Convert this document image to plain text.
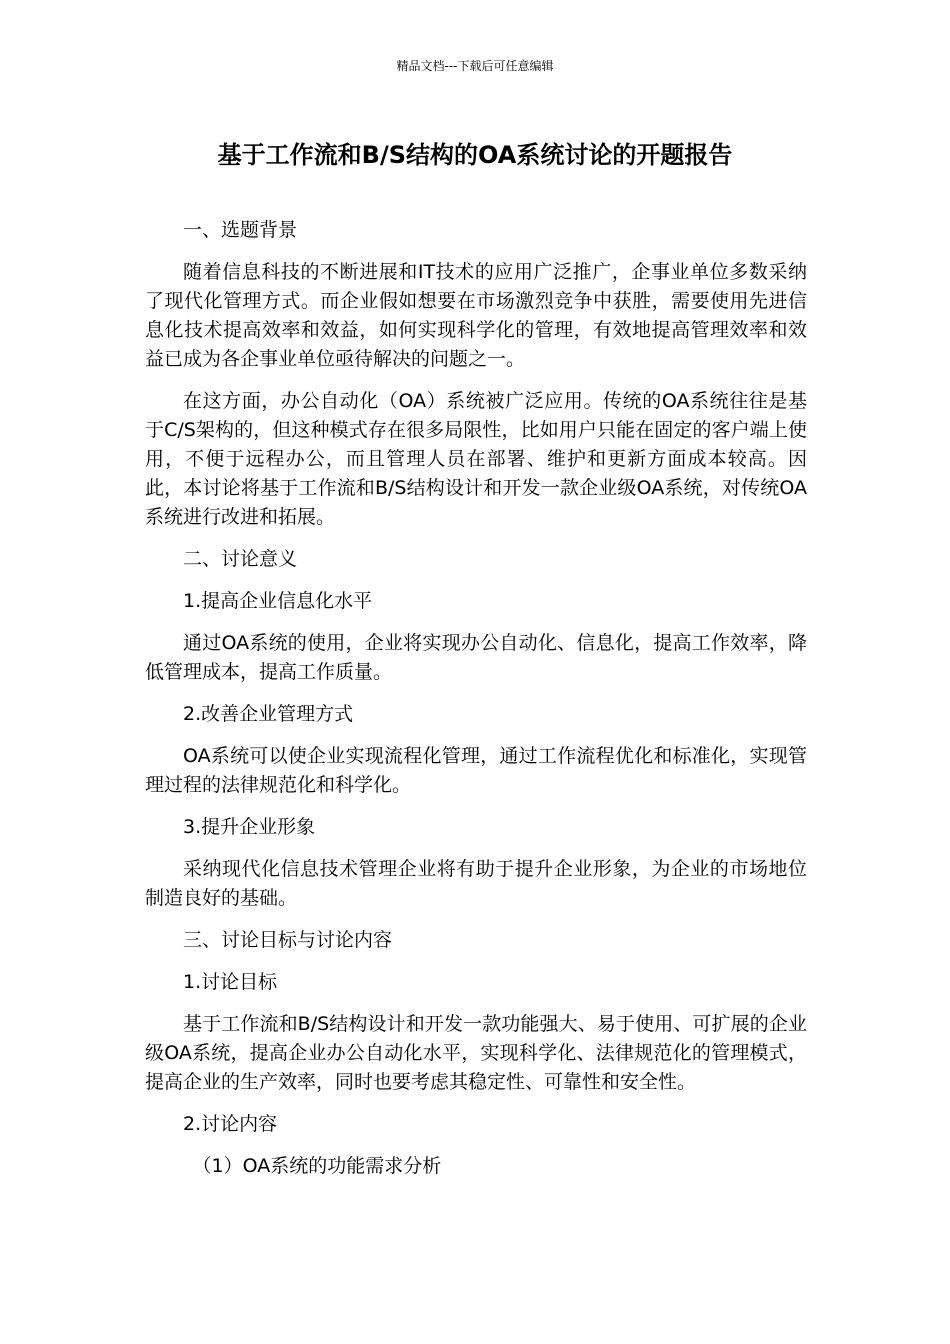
精品文档---下载后可任意编辑
基于工作流和B/S结构的OA系统讨论的开题报告

一、选题背景

随着信息科技的不断进展和IT技术的应用广泛推广，企事业单位多数采纳了现代化管理方式。而企业假如想要在市场激烈竞争中获胜，需要使用先进信息化技术提高效率和效益，如何实现科学化的管理，有效地提高管理效率和效益已成为各企事业单位亟待解决的问题之一。

在这方面，办公自动化（OA）系统被广泛应用。传统的OA系统往往是基于C/S架构的，但这种模式存在很多局限性，比如用户只能在固定的客户端上使用，不便于远程办公，而且管理人员在部署、维护和更新方面成本较高。因此，本讨论将基于工作流和B/S结构设计和开发一款企业级OA系统，对传统OA系统进行改进和拓展。

二、讨论意义

1.提高企业信息化水平

通过OA系统的使用，企业将实现办公自动化、信息化，提高工作效率，降低管理成本，提高工作质量。

2.改善企业管理方式

OA系统可以使企业实现流程化管理，通过工作流程优化和标准化，实现管理过程的法律规范化和科学化。

3.提升企业形象

采纳现代化信息技术管理企业将有助于提升企业形象，为企业的市场地位制造良好的基础。

三、讨论目标与讨论内容

1.讨论目标

基于工作流和B/S结构设计和开发一款功能强大、易于使用、可扩展的企业级OA系统，提高企业办公自动化水平，实现科学化、法律规范化的管理模式，提高企业的生产效率，同时也要考虑其稳定性、可靠性和安全性。

2.讨论内容

（1）OA系统的功能需求分析
